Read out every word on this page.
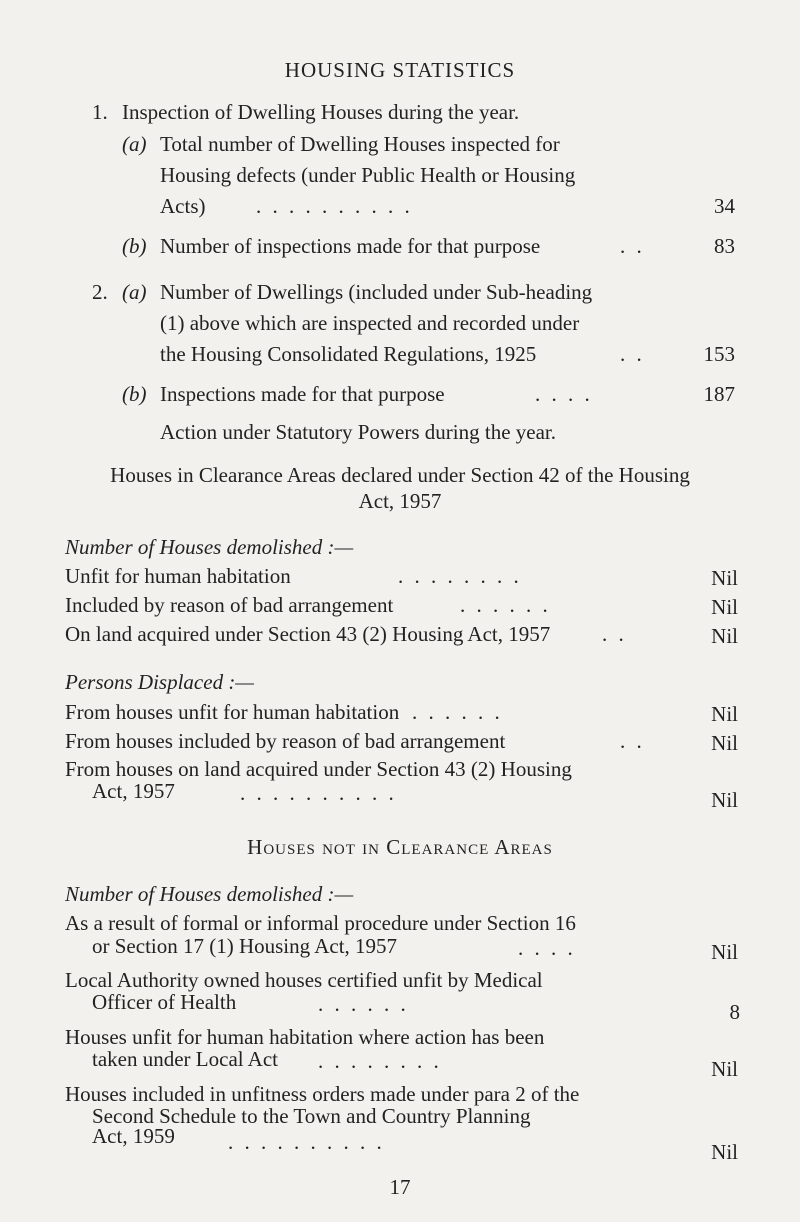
HOUSING STATISTICS
1. Inspection of Dwelling Houses during the year.
(a) Total number of Dwelling Houses inspected for
Housing defects (under Public Health or Housing
Acts) . . . . . . . . . .	34
(b) Number of inspections made for that purpose	. .	83
2. (a) Number of Dwellings (included under Sub-heading
(1) above which are inspected and recorded under
the Housing Consolidated Regulations, 1925	. .	153
(b) Inspections made for that purpose	. . . .	187
Action under Statutory Powers during the year.
Houses in Clearance Areas declared under Section 42 of the Housing
Act, 1957
Number of Houses demolished :—
Unfit for human habitation	. . . . . . . .	Nil
Included by reason of bad arrangement	. . . . . .	Nil
On land acquired under Section 43 (2) Housing Act, 1957 . .	Nil
Persons Displaced :—
From houses unfit for human habitation . . . . . .	Nil
From houses included by reason of bad arrangement	. .	Nil
From houses on land acquired under Section 43 (2) Housing
Act, 1957	. . . . . . . . . .	Nil
Houses not in Clearance Areas
Number of Houses demolished :—
As a result of formal or informal procedure under Section 16
or Section 17 (1) Housing Act, 1957	. . . .	Nil
Local Authority owned houses certified unfit by Medical
Officer of Health	. . . . . .	8
Houses unfit for human habitation where action has been
taken under Local Act . . . . . . . .	Nil
Houses included in unfitness orders made under para 2 of the
Second Schedule to the Town and Country Planning
Act, 1959	. . . . . . . . . .	Nil
17
